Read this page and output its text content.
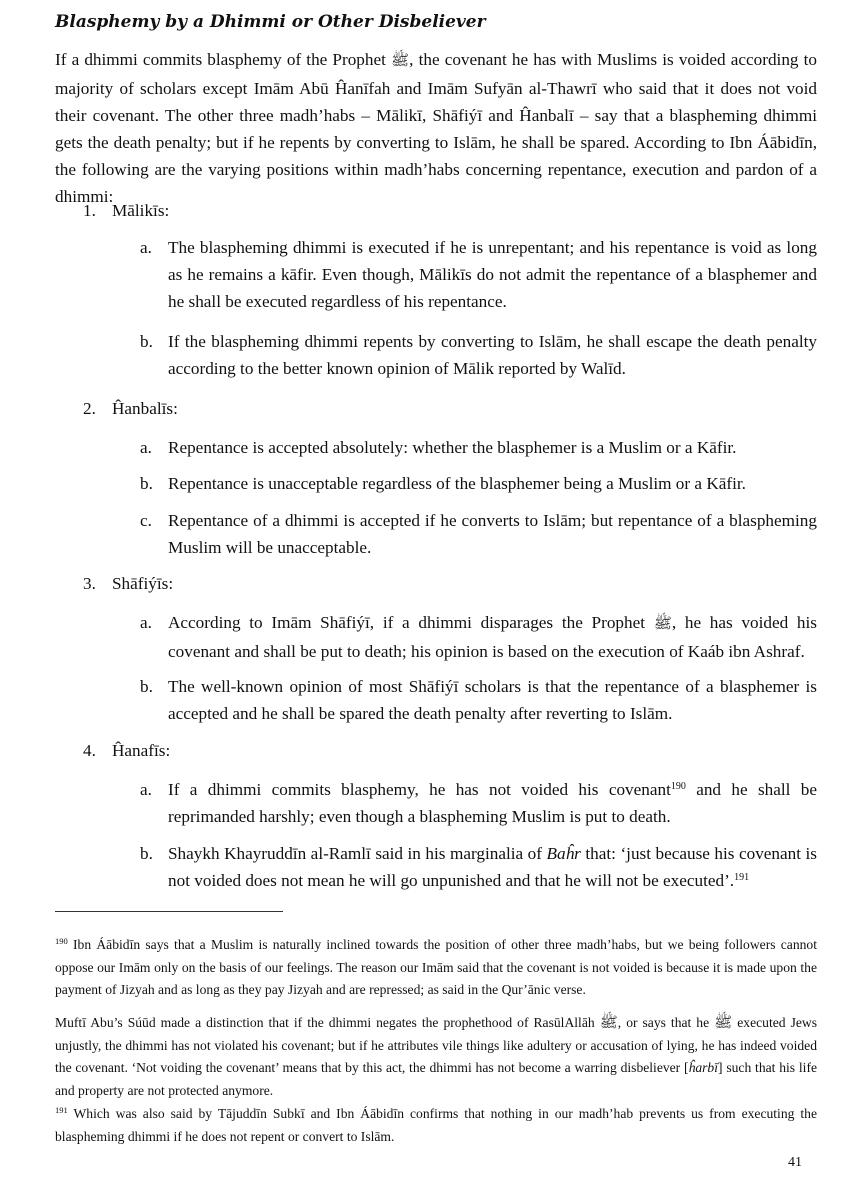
Blasphemy by a Dhimmi or Other Disbeliever
If a dhimmi commits blasphemy of the Prophet ﷺ, the covenant he has with Muslims is voided according to majority of scholars except Imām Abū Ĥanīfah and Imām Sufyān al-Thawrī who said that it does not void their covenant. The other three madh’habs – Mālikī, Shāfiýī and Ĥanbalī – say that a blaspheming dhimmi gets the death penalty; but if he repents by converting to Islām, he shall be spared. According to Ibn Áābidīn, the following are the varying positions within madh’habs concerning repentance, execution and pardon of a dhimmi:
1. Mālikīs:
a. The blaspheming dhimmi is executed if he is unrepentant; and his repentance is void as long as he remains a kāfir. Even though, Mālikīs do not admit the repentance of a blasphemer and he shall be executed regardless of his repentance.
b. If the blaspheming dhimmi repents by converting to Islām, he shall escape the death penalty according to the better known opinion of Mālik reported by Walīd.
2. Ĥanbalīs:
a. Repentance is accepted absolutely: whether the blasphemer is a Muslim or a Kāfir.
b. Repentance is unacceptable regardless of the blasphemer being a Muslim or a Kāfir.
c. Repentance of a dhimmi is accepted if he converts to Islām; but repentance of a blaspheming Muslim will be unacceptable.
3. Shāfiýīs:
a. According to Imām Shāfiýī, if a dhimmi disparages the Prophet ﷺ, he has voided his covenant and shall be put to death; his opinion is based on the execution of Kaáb ibn Ashraf.
b. The well-known opinion of most Shāfiýī scholars is that the repentance of a blasphemer is accepted and he shall be spared the death penalty after reverting to Islām.
4. Ĥanafīs:
a. If a dhimmi commits blasphemy, he has not voided his covenant$^{190}$ and he shall be reprimanded harshly; even though a blaspheming Muslim is put to death.
b. Shaykh Khayruddīn al-Ramlī said in his marginalia of Baĥr that: ‘just because his covenant is not voided does not mean he will go unpunished and that he will not be executed’.$^{191}$
$^{190}$ Ibn Áābidīn says that a Muslim is naturally inclined towards the position of other three madh’habs, but we being followers cannot oppose our Imām only on the basis of our feelings. The reason our Imām said that the covenant is not voided is because it is made upon the payment of Jizyah and as long as they pay Jizyah and are repressed; as said in the Qur’ānic verse.
Muftī Abu’s Súūd made a distinction that if the dhimmi negates the prophethood of RasūlAllāh ﷺ, or says that he ﷺ executed Jews unjustly, the dhimmi has not violated his covenant; but if he attributes vile things like adultery or accusation of lying, he has indeed voided the covenant. ‘Not voiding the covenant’ means that by this act, the dhimmi has not become a warring disbeliever [ĥarbī] such that his life and property are not protected anymore.
$^{191}$ Which was also said by Tājuddīn Subkī and Ibn Áābidīn confirms that nothing in our madh’hab prevents us from executing the blaspheming dhimmi if he does not repent or convert to Islām.
41
